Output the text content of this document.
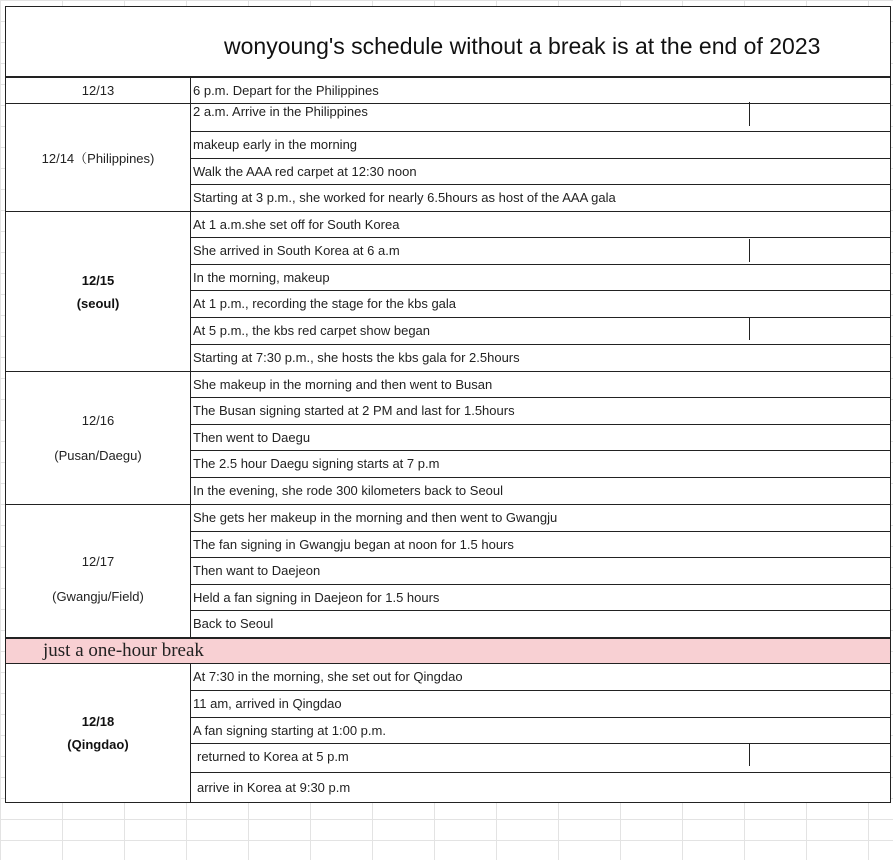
wonyoung's schedule without a break is at the end of 2023
12/13	6 p.m. Depart for the Philippines
12/14（Philippines)
2 a.m. Arrive in the Philippines
makeup early in the morning
Walk the AAA red carpet at 12:30 noon
Starting at 3 p.m., she worked for nearly 6.5hours as host of the AAA gala
12/15
(seoul)
At 1 a.m.she set off for South Korea
She arrived in South Korea at 6 a.m
In the morning, makeup
At 1 p.m., recording the stage for the kbs gala
At 5 p.m., the kbs red carpet show began
Starting at 7:30 p.m., she hosts the kbs gala for 2.5hours
12/16
(Pusan/Daegu)
She makeup in the morning and then went to Busan
The Busan signing started at 2 PM and last for 1.5hours
Then went to Daegu
The 2.5 hour Daegu signing starts at 7 p.m
In the evening, she rode 300 kilometers back to Seoul
12/17
(Gwangju/Field)
She gets her makeup in the morning and then went to Gwangju
The fan signing in Gwangju began at noon for 1.5 hours
Then want to Daejeon
Held a fan signing in Daejeon for 1.5 hours
Back to Seoul
just a one-hour break
12/18
(Qingdao)
At 7:30 in the morning, she set out for Qingdao
11 am, arrived in Qingdao
A fan signing starting at 1:00 p.m.
returned to Korea at 5 p.m
arrive in Korea at 9:30 p.m
